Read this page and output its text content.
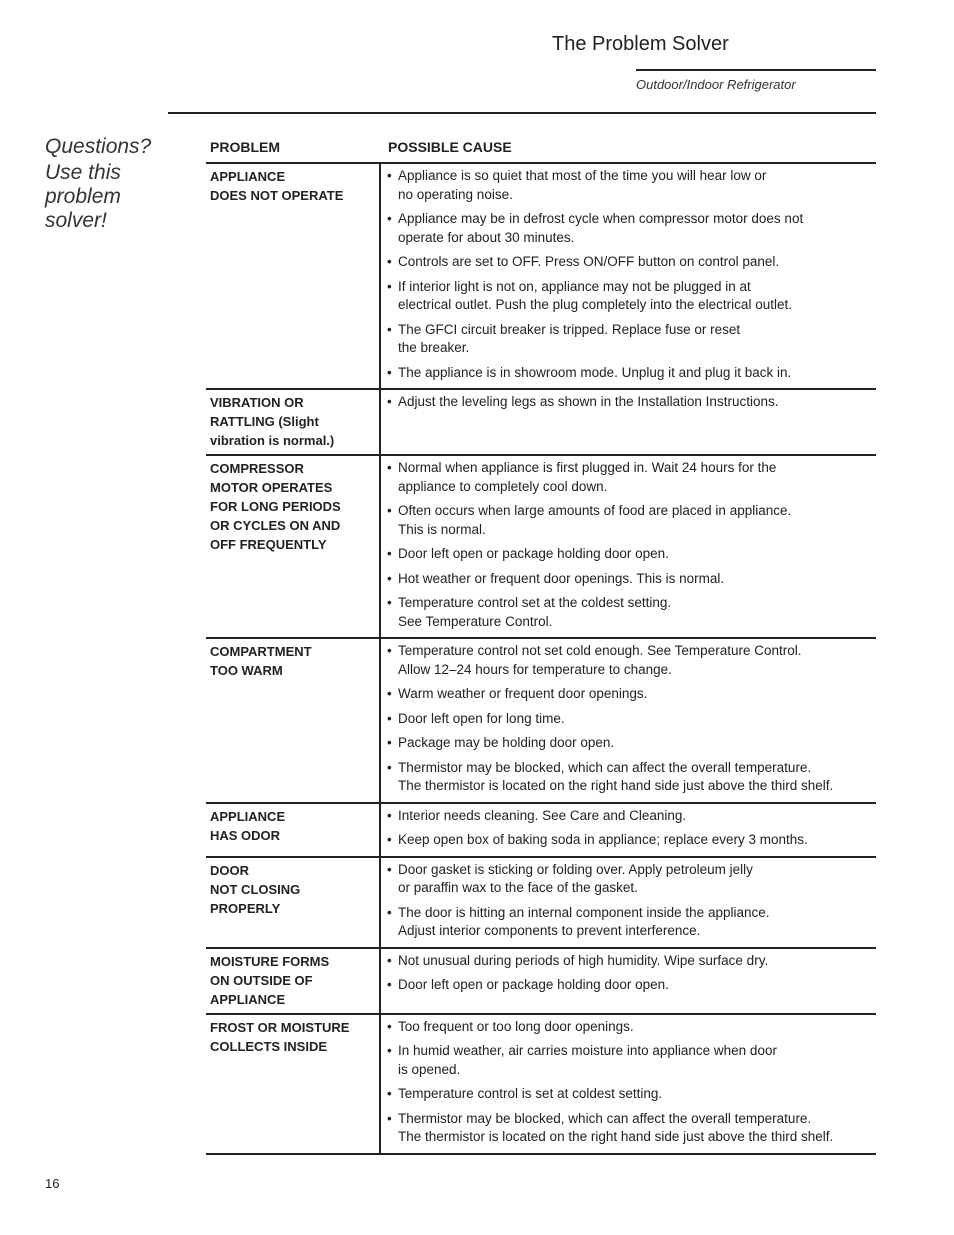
The Problem Solver
Outdoor/Indoor Refrigerator
Questions?
Use this
problem
solver!
PROBLEM	POSSIBLE CAUSE
APPLIANCE
DOES NOT OPERATE
• Appliance is so quiet that most of the time you will hear low or
no operating noise.
• Appliance may be in defrost cycle when compressor motor does not
operate for about 30 minutes.
• Controls are set to OFF. Press ON/OFF button on control panel.
• If interior light is not on, appliance may not be plugged in at
electrical outlet. Push the plug completely into the electrical outlet.
• The GFCI circuit breaker is tripped. Replace fuse or reset
the breaker.
• The appliance is in showroom mode. Unplug it and plug it back in.
VIBRATION OR
RATTLING (Slight
vibration is normal.)
• Adjust the leveling legs as shown in the Installation Instructions.
COMPRESSOR
MOTOR OPERATES
FOR LONG PERIODS
OR CYCLES ON AND
OFF FREQUENTLY
• Normal when appliance is first plugged in. Wait 24 hours for the
appliance to completely cool down.
• Often occurs when large amounts of food are placed in appliance.
This is normal.
• Door left open or package holding door open.
• Hot weather or frequent door openings. This is normal.
• Temperature control set at the coldest setting.
See Temperature Control.
COMPARTMENT
TOO WARM
• Temperature control not set cold enough. See Temperature Control.
Allow 12–24 hours for temperature to change.
• Warm weather or frequent door openings.
• Door left open for long time.
• Package may be holding door open.
• Thermistor may be blocked, which can affect the overall temperature.
The thermistor is located on the right hand side just above the third shelf.
APPLIANCE
HAS ODOR
• Interior needs cleaning. See Care and Cleaning.
• Keep open box of baking soda in appliance; replace every 3 months.
DOOR
NOT CLOSING
PROPERLY
• Door gasket is sticking or folding over. Apply petroleum jelly
or paraffin wax to the face of the gasket.
• The door is hitting an internal component inside the appliance.
Adjust interior components to prevent interference.
MOISTURE FORMS
ON OUTSIDE OF
APPLIANCE
• Not unusual during periods of high humidity. Wipe surface dry.
• Door left open or package holding door open.
FROST OR MOISTURE
COLLECTS INSIDE
• Too frequent or too long door openings.
• In humid weather, air carries moisture into appliance when door
is opened.
• Temperature control is set at coldest setting.
• Thermistor may be blocked, which can affect the overall temperature.
The thermistor is located on the right hand side just above the third shelf.
16
